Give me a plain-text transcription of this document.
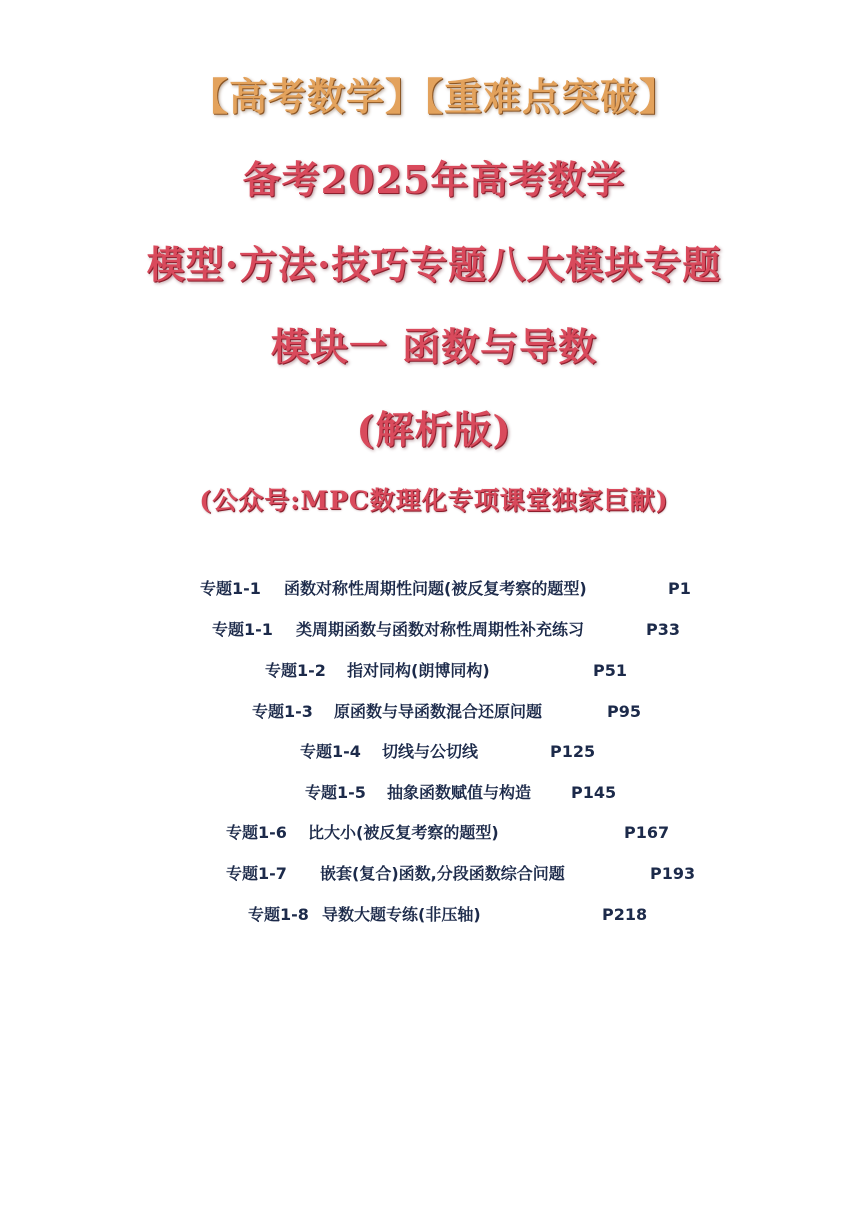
【高考数学】【重难点突破】
备考2025年高考数学
模型·方法·技巧专题八大模块专题
模块一 函数与导数
(解析版)
(公众号:MPC数理化专项课堂独家巨献)
专题1-1 函数对称性周期性问题(被反复考察的题型)	P1
专题1-1 类周期函数与函数对称性周期性补充练习	P33
专题1-2 指对同构(朗博同构)	P51
专题1-3 原函数与导函数混合还原问题	P95
专题1-4 切线与公切线	P125
专题1-5 抽象函数赋值与构造 P145
专题1-6 比大小(被反复考察的题型)	P167
专题1-7 嵌套(复合)函数,分段函数综合问题	P193
专题1-8 导数大题专练(非压轴)	P218
